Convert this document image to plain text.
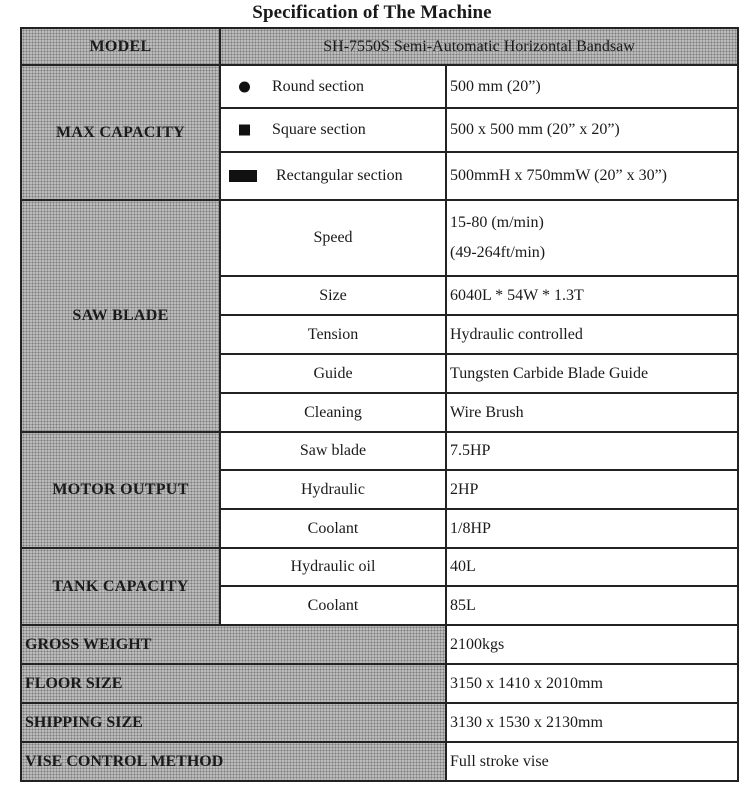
Specification of The Machine
MODEL	SH-7550S Semi-Automatic Horizontal Bandsaw	
MAX CAPACITY	Round section	500 mm (20”)

	Square section	500 x 500 mm (20” x 20”)

	Rectangular section	500mmH x 750mmW (20” x 30”)
SAW BLADE	Speed	15-80 (m/min)
(49-264ft/min)

	Size	6040L * 54W * 1.3T
	Tension	Hydraulic controlled
	Guide	Tungsten Carbide Blade Guide
	Cleaning	Wire Brush
MOTOR OUTPUT	Saw blade	7.5HP
	Hydraulic	2HP
	Coolant	1/8HP
TANK CAPACITY	Hydraulic oil	40L
	Coolant	85L
GROSS WEIGHT		2100kgs
FLOOR SIZE		3150 x 1410 x 2010mm
SHIPPING SIZE		3130 x 1530 x 2130mm
VISE CONTROL METHOD		Full stroke vise
